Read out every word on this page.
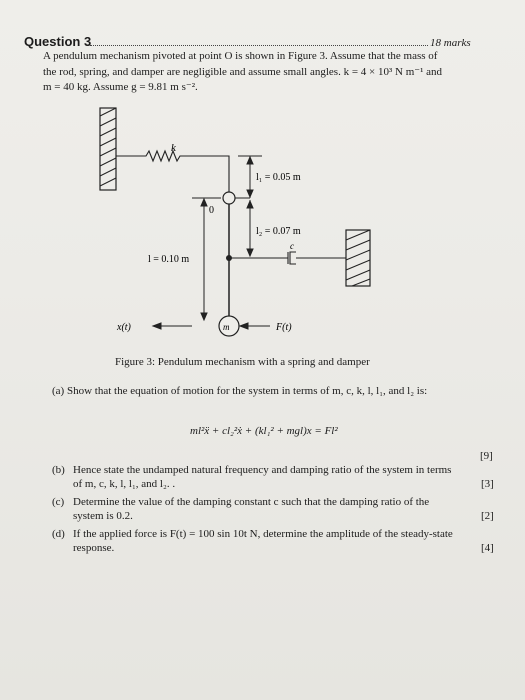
Question 3	18 marks
A pendulum mechanism pivoted at point O is shown in Figure 3. Assume that the mass of
the rod, spring, and damper are negligible and assume small angles. k = 4 × 10³ N m⁻¹ and
m = 40 kg. Assume g = 9.81 m s⁻².
k
0
c
l₁ = 0.05 m
l₂ = 0.07 m
l = 0.10 m
m
x(t)	F(t)
Figure 3: Pendulum mechanism with a spring and damper
(a) Show that the equation of motion for the system in terms of m, c, k, l, l₁, and l₂ is:
ml²ẍ + cl₂²ẋ + (kl₁² + mgl)x = Fl²
[9]
(b) Hence state the undamped natural frequency and damping ratio of the system in terms
of m, c, k, l, l₁, and l₂. .	[3]
(c) Determine the value of the damping constant c such that the damping ratio of the
system is 0.2.	[2]
(d) If the applied force is F(t) = 100 sin 10t N, determine the amplitude of the steady-state
response.	[4]
